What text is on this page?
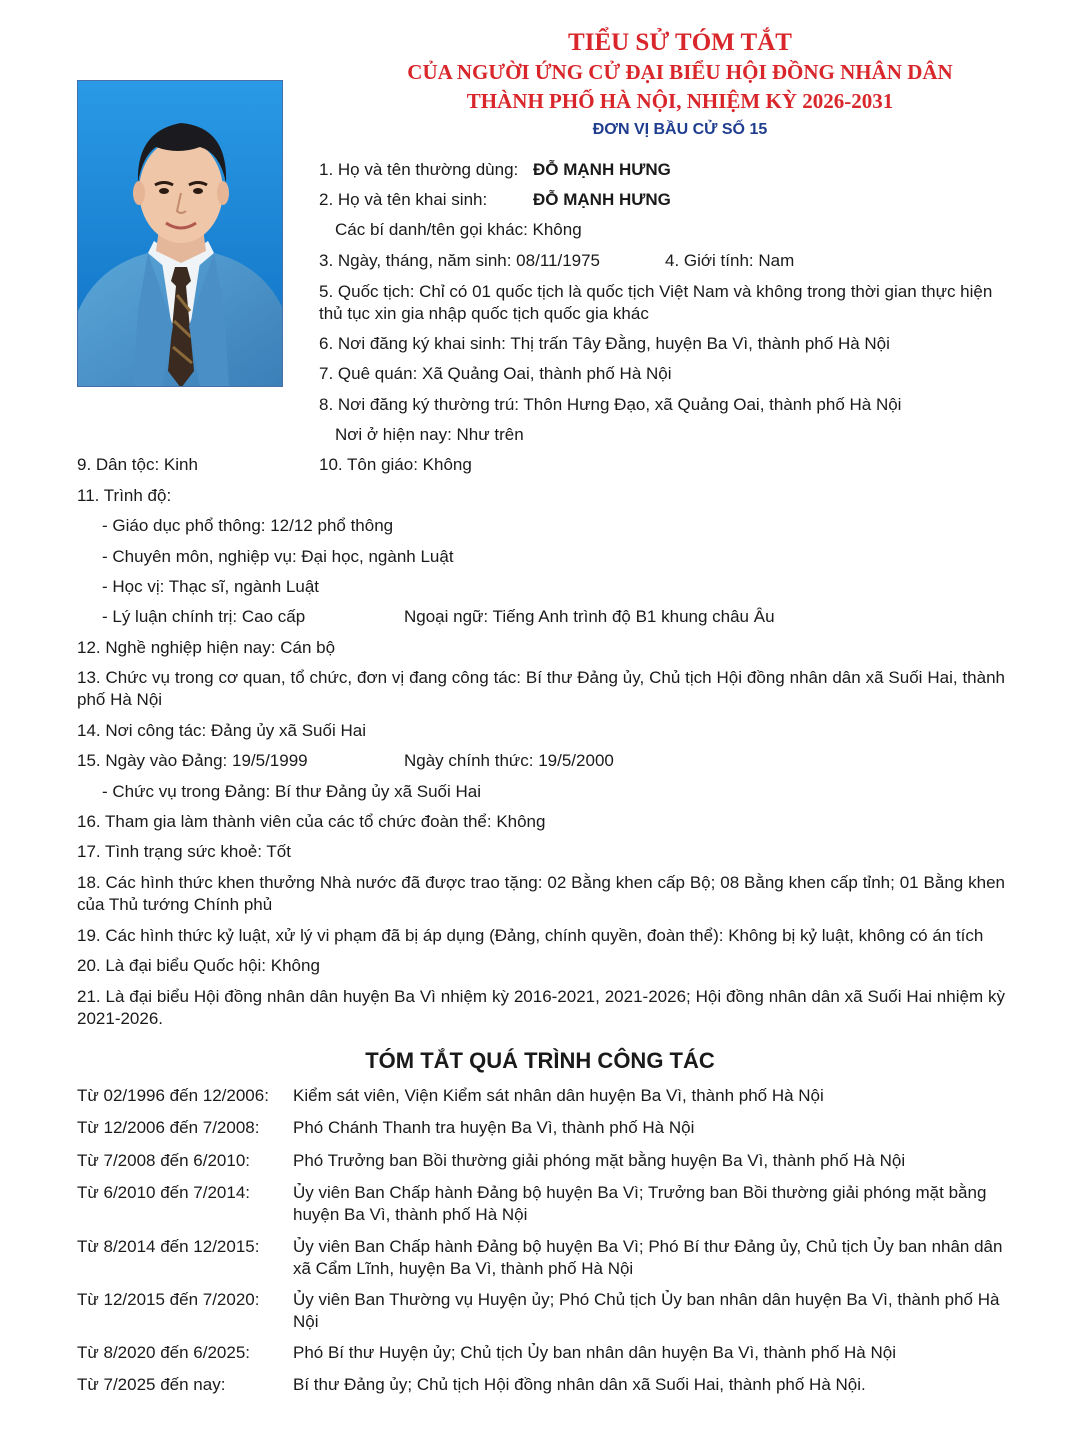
TIỂU SỬ TÓM TẮT
CỦA NGƯỜI ỨNG CỬ ĐẠI BIỂU HỘI ĐỒNG NHÂN DÂN
THÀNH PHỐ HÀ NỘI, NHIỆM KỲ 2026-2031
ĐƠN VỊ BẦU CỬ SỐ 15
1. Họ và tên thường dùng: ĐỖ MẠNH HƯNG
2. Họ và tên khai sinh:	ĐỖ MẠNH HƯNG
Các bí danh/tên gọi khác: Không
3. Ngày, tháng, năm sinh: 08/11/1975	4. Giới tính: Nam
5. Quốc tịch: Chỉ có 01 quốc tịch là quốc tịch Việt Nam và không trong thời gian thực hiện thủ tục xin gia nhập quốc tịch quốc gia khác
6. Nơi đăng ký khai sinh: Thị trấn Tây Đằng, huyện Ba Vì, thành phố Hà Nội
7. Quê quán: Xã Quảng Oai, thành phố Hà Nội
8. Nơi đăng ký thường trú: Thôn Hưng Đạo, xã Quảng Oai, thành phố Hà Nội
Nơi ở hiện nay: Như trên
9. Dân tộc: Kinh	10. Tôn giáo: Không
11. Trình độ:
- Giáo dục phổ thông: 12/12 phổ thông
- Chuyên môn, nghiệp vụ: Đại học, ngành Luật
- Học vị: Thạc sĩ, ngành Luật
- Lý luận chính trị: Cao cấp	Ngoại ngữ: Tiếng Anh trình độ B1 khung châu Âu
12. Nghề nghiệp hiện nay: Cán bộ
13. Chức vụ trong cơ quan, tổ chức, đơn vị đang công tác: Bí thư Đảng ủy, Chủ tịch Hội đồng nhân dân xã Suối Hai, thành phố Hà Nội
14. Nơi công tác: Đảng ủy xã Suối Hai
15. Ngày vào Đảng: 19/5/1999	Ngày chính thức: 19/5/2000
- Chức vụ trong Đảng: Bí thư Đảng ủy xã Suối Hai
16. Tham gia làm thành viên của các tổ chức đoàn thể: Không
17. Tình trạng sức khoẻ: Tốt
18. Các hình thức khen thưởng Nhà nước đã được trao tặng: 02 Bằng khen cấp Bộ; 08 Bằng khen cấp tỉnh; 01 Bằng khen của Thủ tướng Chính phủ
19. Các hình thức kỷ luật, xử lý vi phạm đã bị áp dụng (Đảng, chính quyền, đoàn thể): Không bị kỷ luật, không có án tích
20. Là đại biểu Quốc hội: Không
21. Là đại biểu Hội đồng nhân dân huyện Ba Vì nhiệm kỳ 2016-2021, 2021-2026; Hội đồng nhân dân xã Suối Hai nhiệm kỳ 2021-2026.
TÓM TẮT QUÁ TRÌNH CÔNG TÁC
Từ 02/1996 đến 12/2006: Kiểm sát viên, Viện Kiểm sát nhân dân huyện Ba Vì, thành phố Hà Nội
Từ 12/2006 đến 7/2008: Phó Chánh Thanh tra huyện Ba Vì, thành phố Hà Nội
Từ 7/2008 đến 6/2010:	Phó Trưởng ban Bồi thường giải phóng mặt bằng huyện Ba Vì, thành phố Hà Nội
Từ 6/2010 đến 7/2014:	Ủy viên Ban Chấp hành Đảng bộ huyện Ba Vì; Trưởng ban Bồi thường giải phóng mặt bằng huyện Ba Vì, thành phố Hà Nội
Từ 8/2014 đến 12/2015: Ủy viên Ban Chấp hành Đảng bộ huyện Ba Vì; Phó Bí thư Đảng ủy, Chủ tịch Ủy ban nhân dân xã Cẩm Lĩnh, huyện Ba Vì, thành phố Hà Nội
Từ 12/2015 đến 7/2020: Ủy viên Ban Thường vụ Huyện ủy; Phó Chủ tịch Ủy ban nhân dân huyện Ba Vì, thành phố Hà Nội
Từ 8/2020 đến 6/2025:	Phó Bí thư Huyện ủy; Chủ tịch Ủy ban nhân dân huyện Ba Vì, thành phố Hà Nội
Từ 7/2025 đến nay:	Bí thư Đảng ủy; Chủ tịch Hội đồng nhân dân xã Suối Hai, thành phố Hà Nội.
